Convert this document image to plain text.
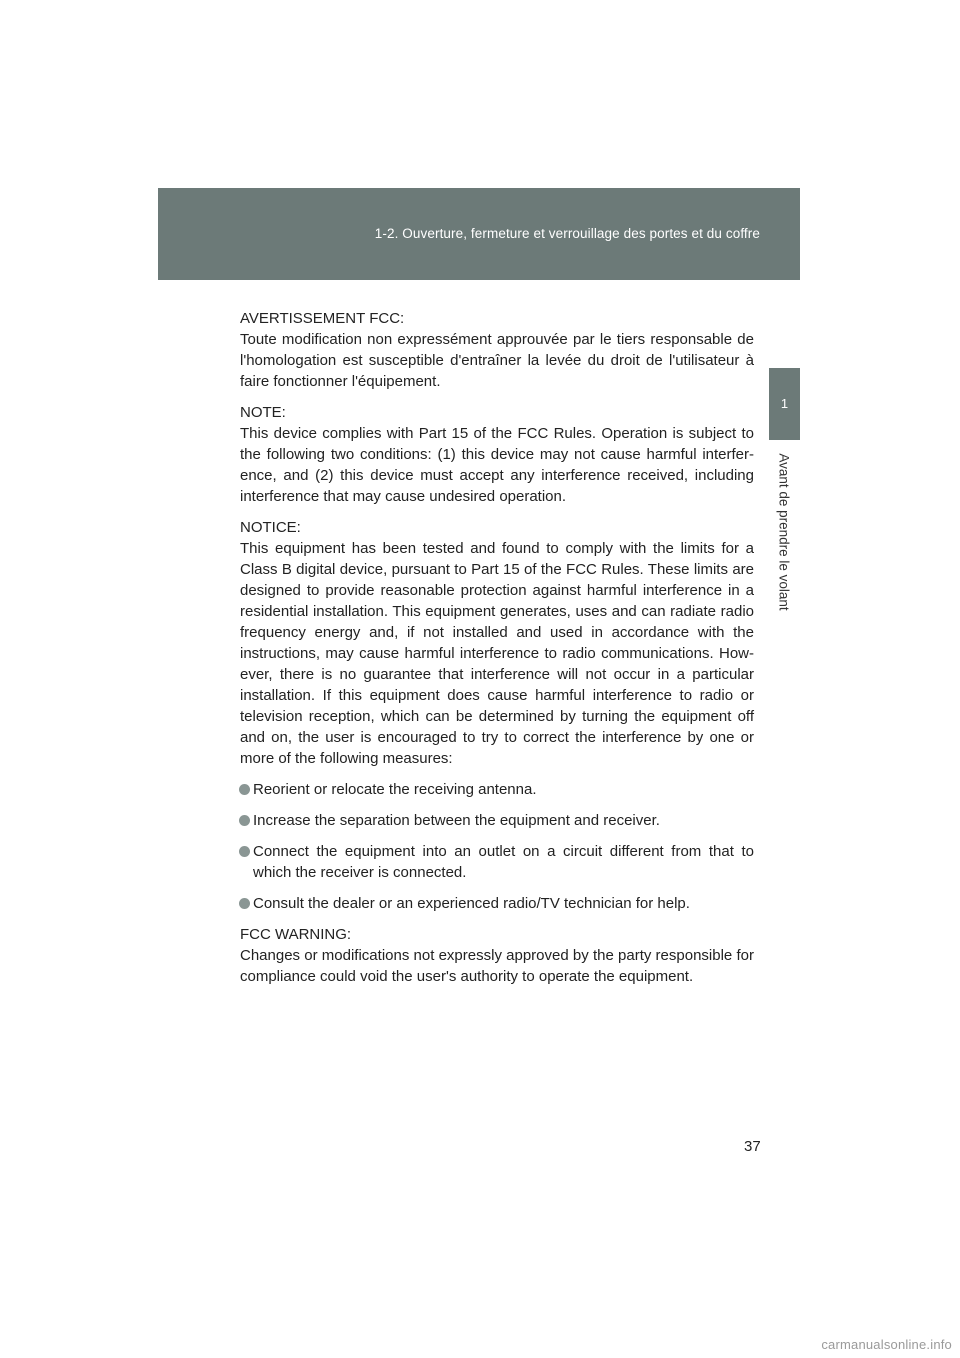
1-2. Ouverture, fermeture et verrouillage des portes et du coffre
1
Avant de prendre le volant
AVERTISSEMENT FCC:
Toute modification non expressément approuvée par le tiers responsable de l'homologation est susceptible d'entraîner la levée du droit de l'utilisateur à faire fonctionner l'équipement.
NOTE:
This device complies with Part 15 of the FCC Rules. Operation is subject to the following two conditions: (1) this device may not cause harmful interfer-ence, and (2) this device must accept any interference received, including interference that may cause undesired operation.
NOTICE:
This equipment has been tested and found to comply with the limits for a Class B digital device, pursuant to Part 15 of the FCC Rules. These limits are designed to provide reasonable protection against harmful interference in a residential installation. This equipment generates, uses and can radiate radio frequency energy and, if not installed and used in accordance with the instructions, may cause harmful interference to radio communications. How-ever, there is no guarantee that interference will not occur in a particular installation. If this equipment does cause harmful interference to radio or television reception, which can be determined by turning the equipment off and on, the user is encouraged to try to correct the interference by one or more of the following measures:
Reorient or relocate the receiving antenna.
Increase the separation between the equipment and receiver.
Connect the equipment into an outlet on a circuit different from that to which the receiver is connected.
Consult the dealer or an experienced radio/TV technician for help.
FCC WARNING:
Changes or modifications not expressly approved by the party responsible for compliance could void the user's authority to operate the equipment.
37
carmanualsonline.info
